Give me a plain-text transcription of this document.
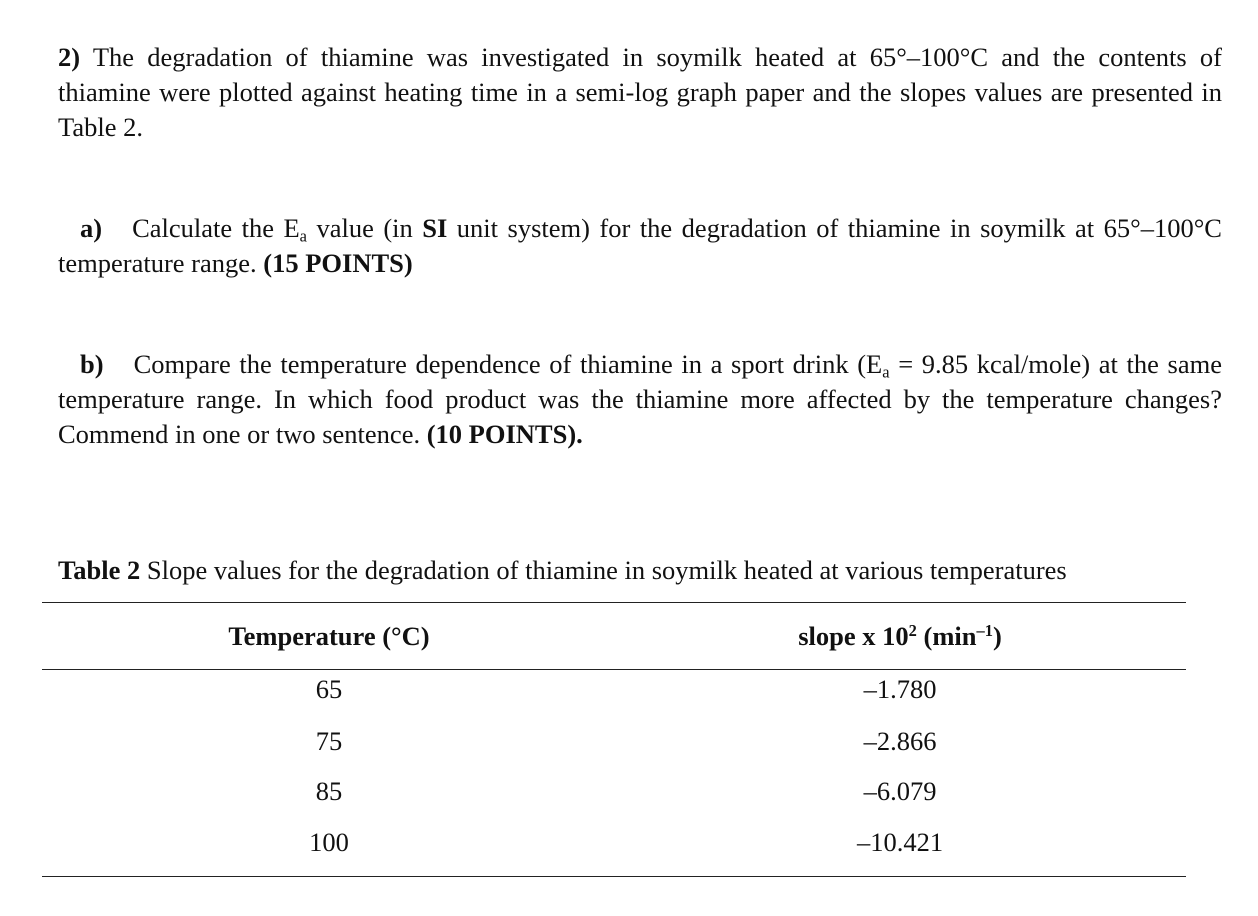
2) The degradation of thiamine was investigated in soymilk heated at 65°–100°C and the contents of thiamine were plotted against heating time in a semi-log graph paper and the slopes values are presented in Table 2.

a) Calculate the $E_a$ value (in SI unit system) for the degradation of thiamine in soymilk at 65°–100°C temperature range. (15 POINTS)

b) Compare the temperature dependence of thiamine in a sport drink ($E_a = 9.85$ kcal/mole) at the same temperature range. In which food product was the thiamine more affected by the temperature changes? Commend in one or two sentence. (10 POINTS).

Table 2 Slope values for the degradation of thiamine in soymilk heated at various temperatures

Temperature (°C)	slope x $10^2$ $(\min^{-1})$
65	–1.780
75	–2.866
85	–6.079
100	–10.421
